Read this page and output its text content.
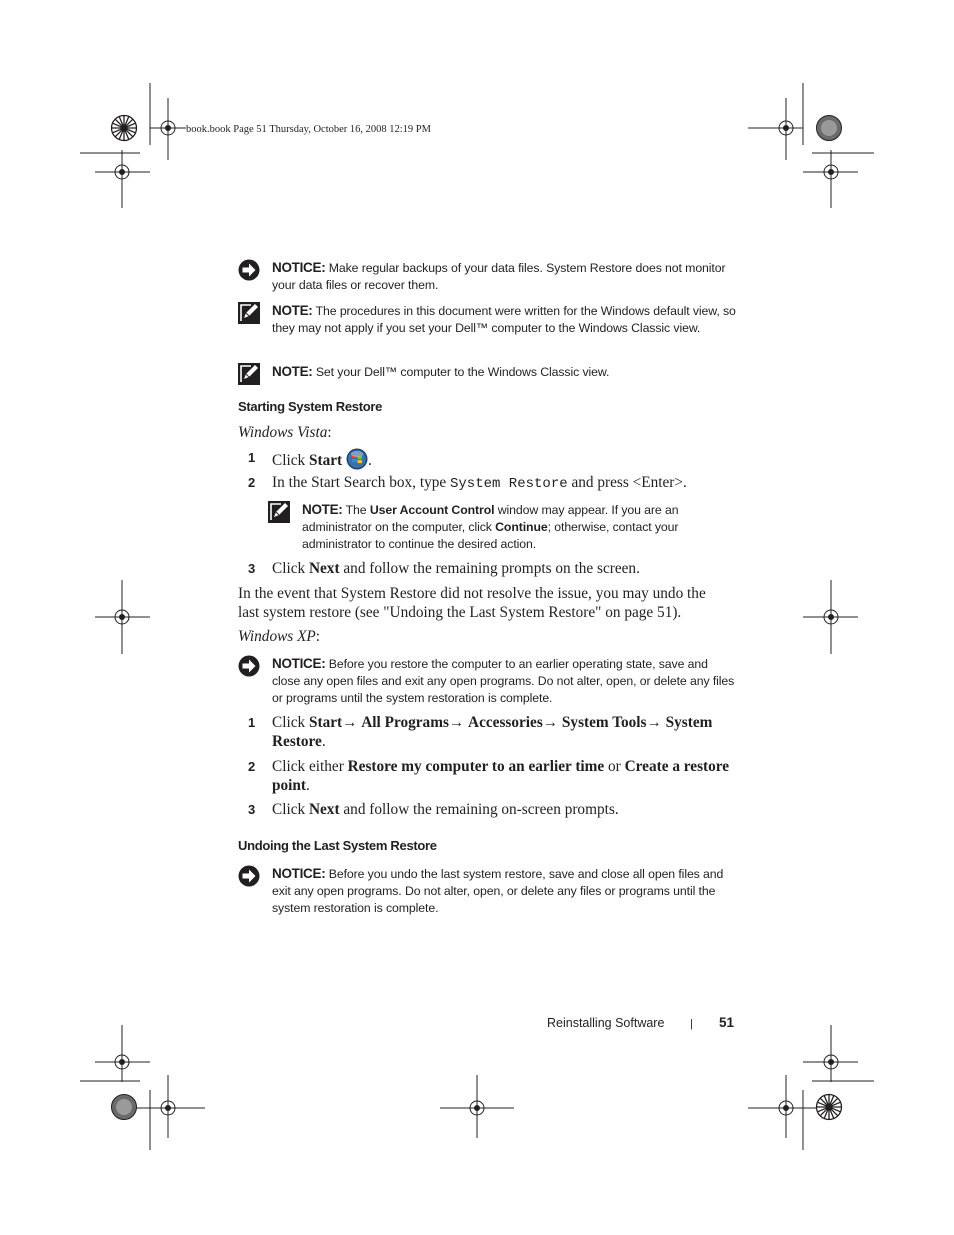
book.book Page 51 Thursday, October 16, 2008 12:19 PM
NOTICE: Make regular backups of your data files. System Restore does not monitor your data files or recover them.
NOTE: The procedures in this document were written for the Windows default view, so they may not apply if you set your Dell™ computer to the Windows Classic view.
NOTE: Set your Dell™ computer to the Windows Classic view.
Starting System Restore
Windows Vista:
1 Click Start .
2 In the Start Search box, type System Restore and press <Enter>.
NOTE: The User Account Control window may appear. If you are an administrator on the computer, click Continue; otherwise, contact your administrator to continue the desired action.
3 Click Next and follow the remaining prompts on the screen.
In the event that System Restore did not resolve the issue, you may undo the
last system restore (see "Undoing the Last System Restore" on page 51).
Windows XP:
NOTICE: Before you restore the computer to an earlier operating state, save and close any open files and exit any open programs. Do not alter, open, or delete any files or programs until the system restoration is complete.
1 Click Start→ All Programs→ Accessories→ System Tools→ System Restore.
2 Click either Restore my computer to an earlier time or Create a restore point.
3 Click Next and follow the remaining on-screen prompts.
Undoing the Last System Restore
NOTICE: Before you undo the last system restore, save and close all open files and exit any open programs. Do not alter, open, or delete any files or programs until the system restoration is complete.
Reinstalling Software | 51
